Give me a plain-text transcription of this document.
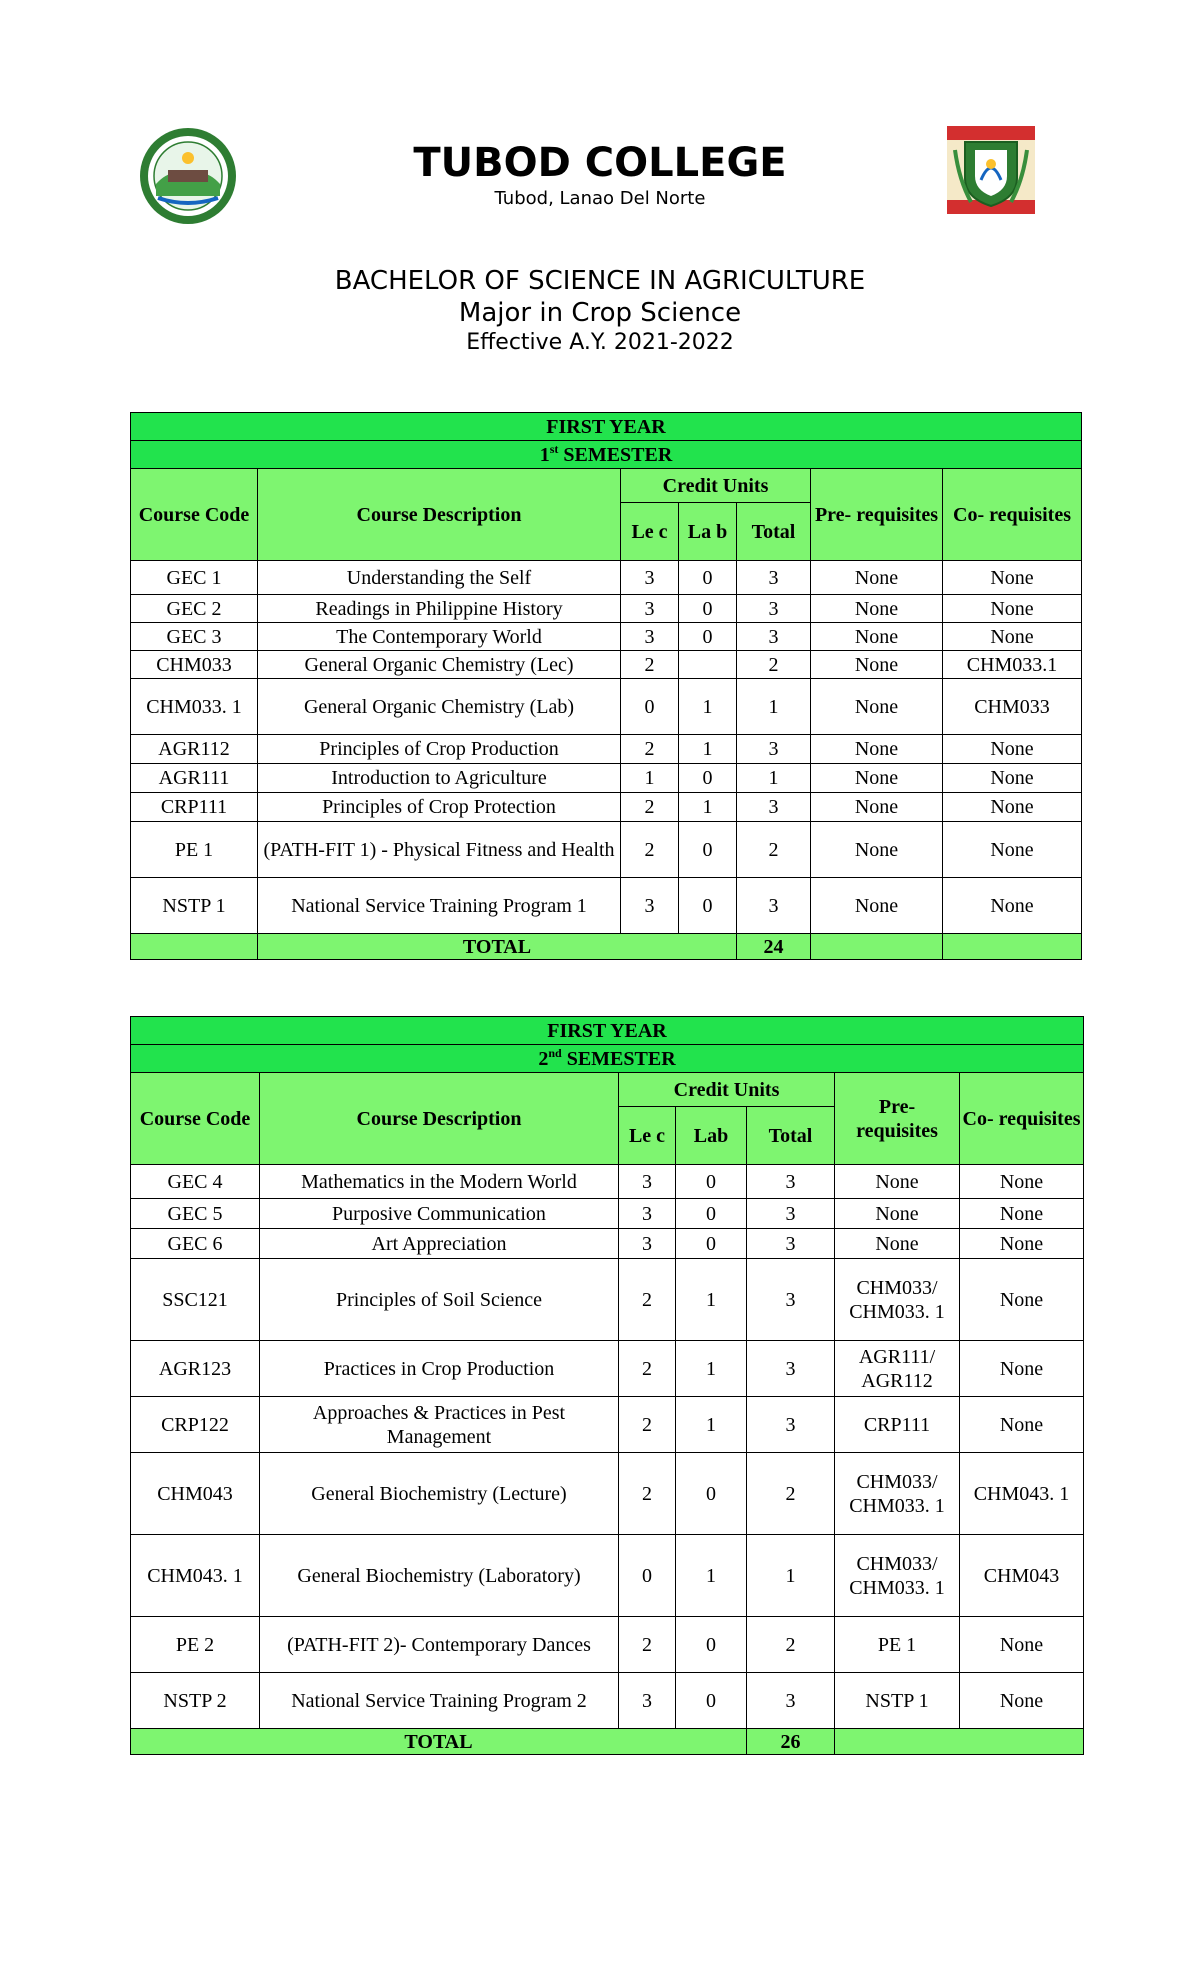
TUBOD COLLEGE
Tubod, Lanao Del Norte
BACHELOR OF SCIENCE IN AGRICULTURE
Major in Crop Science
Effective A.Y. 2021-2022
FIRST YEAR						
1st SEMESTER						
Course Code	Course Description	Credit Units			Pre- requisites	Co- requisites
		Le c	La b	Total		
GEC 1	Understanding the Self	3	0	3	None	None
GEC 2	Readings in Philippine History	3	0	3	None	None
GEC 3	The Contemporary World	3	0	3	None	None
CHM033	General Organic Chemistry (Lec)	2		2	None	CHM033.1
CHM033. 1	General Organic Chemistry (Lab)	0	1	1	None	CHM033
AGR112	Principles of Crop Production	2	1	3	None	None
AGR111	Introduction to Agriculture	1	0	1	None	None
CRP111	Principles of Crop Protection	2	1	3	None	None
PE 1	(PATH-FIT 1) - Physical Fitness and Health	2	0	2	None	None
NSTP 1	National Service Training Program 1	3	0	3	None	None
	TOTAL			24		
FIRST YEAR						
2nd SEMESTER						
Course Code	Course Description	Credit Units			Pre- requisites	Co- requisites
		Le c	Lab	Total		
GEC 4	Mathematics in the Modern World	3	0	3	None	None
GEC 5	Purposive Communication	3	0	3	None	None
GEC 6	Art Appreciation	3	0	3	None	None
SSC121	Principles of Soil Science	2	1	3	CHM033/ CHM033. 1	None
AGR123	Practices in Crop Production	2	1	3	AGR111/ AGR112	None
CRP122	Approaches & Practices in Pest Management	2	1	3	CRP111	None
CHM043	General Biochemistry (Lecture)	2	0	2	CHM033/ CHM033. 1	CHM043. 1
CHM043. 1	General Biochemistry (Laboratory)	0	1	1	CHM033/ CHM033. 1	CHM043
PE 2	(PATH-FIT 2)- Contemporary Dances	2	0	2	PE 1	None
NSTP 2	National Service Training Program 2	3	0	3	NSTP 1	None
TOTAL				26		
